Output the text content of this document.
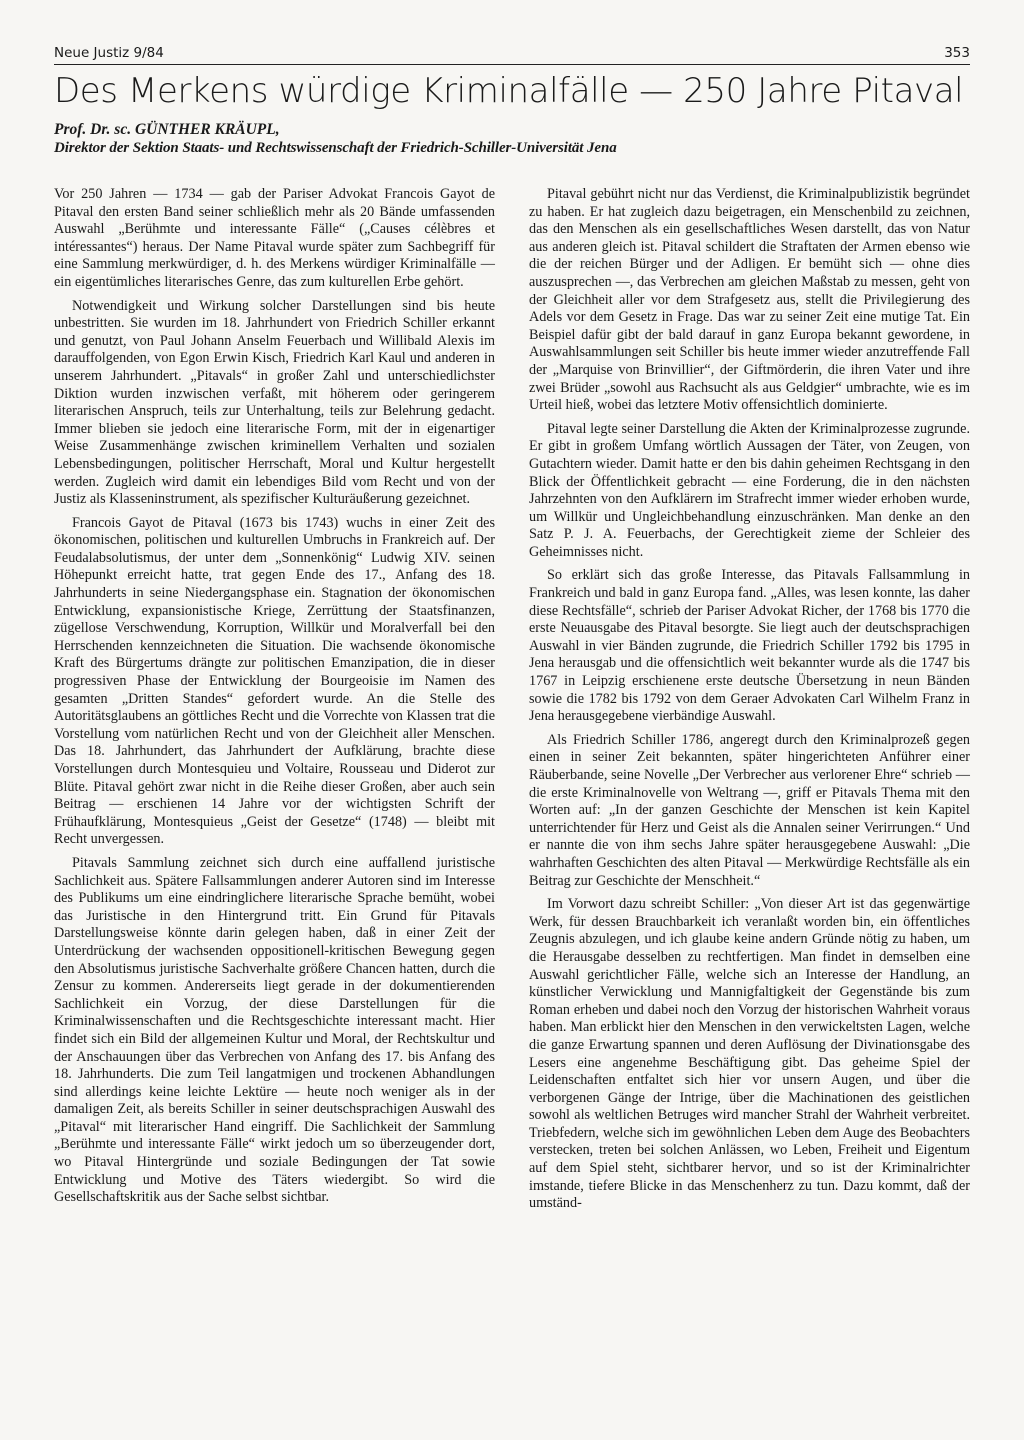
Neue Justiz 9/84	353
Des Merkens würdige Kriminalfälle — 250 Jahre Pitaval
Prof. Dr. sc. GÜNTHER KRÄUPL,
Direktor der Sektion Staats- und Rechtswissenschaft der Friedrich-Schiller-Universität Jena

Vor 250 Jahren — 1734 — gab der Pariser Advokat Francois Gayot de Pitaval den ersten Band seiner schließlich mehr als 20 Bände umfassenden Auswahl „Berühmte und interessante Fälle“ („Causes célèbres et intéressantes“) heraus. Der Name Pitaval wurde später zum Sachbegriff für eine Sammlung merkwürdiger, d. h. des Merkens würdiger Kriminalfälle — ein eigentümliches literarisches Genre, das zum kulturellen Erbe gehört.

Notwendigkeit und Wirkung solcher Darstellungen sind bis heute unbestritten. Sie wurden im 18. Jahrhundert von Friedrich Schiller erkannt und genutzt, von Paul Johann Anselm Feuerbach und Willibald Alexis im darauffolgenden, von Egon Erwin Kisch, Friedrich Karl Kaul und anderen in unserem Jahrhundert. „Pitavals“ in großer Zahl und unterschiedlichster Diktion wurden inzwischen verfaßt, mit höherem oder geringerem literarischen Anspruch, teils zur Unterhaltung, teils zur Belehrung gedacht. Immer blieben sie jedoch eine literarische Form, mit der in eigenartiger Weise Zusammenhänge zwischen kriminellem Verhalten und sozialen Lebensbedingungen, politischer Herrschaft, Moral und Kultur hergestellt werden. Zugleich wird damit ein lebendiges Bild vom Recht und von der Justiz als Klasseninstrument, als spezifischer Kulturäußerung gezeichnet.

Francois Gayot de Pitaval (1673 bis 1743) wuchs in einer Zeit des ökonomischen, politischen und kulturellen Umbruchs in Frankreich auf. Der Feudalabsolutismus, der unter dem „Sonnenkönig“ Ludwig XIV. seinen Höhepunkt erreicht hatte, trat gegen Ende des 17., Anfang des 18. Jahrhunderts in seine Niedergangsphase ein. Stagnation der ökonomischen Entwicklung, expansionistische Kriege, Zerrüttung der Staatsfinanzen, zügellose Verschwendung, Korruption, Willkür und Moralverfall bei den Herrschenden kennzeichneten die Situation. Die wachsende ökonomische Kraft des Bürgertums drängte zur politischen Emanzipation, die in dieser progressiven Phase der Entwicklung der Bourgeoisie im Namen des gesamten „Dritten Standes“ gefordert wurde. An die Stelle des Autoritätsglaubens an göttliches Recht und die Vorrechte von Klassen trat die Vorstellung vom natürlichen Recht und von der Gleichheit aller Menschen. Das 18. Jahrhundert, das Jahrhundert der Aufklärung, brachte diese Vorstellungen durch Montesquieu und Voltaire, Rousseau und Diderot zur Blüte. Pitaval gehört zwar nicht in die Reihe dieser Großen, aber auch sein Beitrag — erschienen 14 Jahre vor der wichtigsten Schrift der Frühaufklärung, Montesquieus „Geist der Gesetze“ (1748) — bleibt mit Recht unvergessen.

Pitavals Sammlung zeichnet sich durch eine auffallend juristische Sachlichkeit aus. Spätere Fallsammlungen anderer Autoren sind im Interesse des Publikums um eine eindringlichere literarische Sprache bemüht, wobei das Juristische in den Hintergrund tritt. Ein Grund für Pitavals Darstellungsweise könnte darin gelegen haben, daß in einer Zeit der Unterdrückung der wachsenden oppositionell-kritischen Bewegung gegen den Absolutismus juristische Sachverhalte größere Chancen hatten, durch die Zensur zu kommen. Andererseits liegt gerade in der dokumentierenden Sachlichkeit ein Vorzug, der diese Darstellungen für die Kriminalwissenschaften und die Rechtsgeschichte interessant macht. Hier findet sich ein Bild der allgemeinen Kultur und Moral, der Rechtskultur und der Anschauungen über das Verbrechen von Anfang des 17. bis Anfang des 18. Jahrhunderts. Die zum Teil langatmigen und trockenen Abhandlungen sind allerdings keine leichte Lektüre — heute noch weniger als in der damaligen Zeit, als bereits Schiller in seiner deutschsprachigen Auswahl des „Pitaval“ mit literarischer Hand eingriff. Die Sachlichkeit der Sammlung „Berühmte und interessante Fälle“ wirkt jedoch um so überzeugender dort, wo Pitaval Hintergründe und soziale Bedingungen der Tat sowie Entwicklung und Motive des Täters wiedergibt. So wird die Gesellschaftskritik aus der Sache selbst sichtbar.

Pitaval gebührt nicht nur das Verdienst, die Kriminalpublizistik begründet zu haben. Er hat zugleich dazu beigetragen, ein Menschenbild zu zeichnen, das den Menschen als ein gesellschaftliches Wesen darstellt, das von Natur aus anderen gleich ist. Pitaval schildert die Straftaten der Armen ebenso wie die der reichen Bürger und der Adligen. Er bemüht sich — ohne dies auszusprechen —, das Verbrechen am gleichen Maßstab zu messen, geht von der Gleichheit aller vor dem Strafgesetz aus, stellt die Privilegierung des Adels vor dem Gesetz in Frage. Das war zu seiner Zeit eine mutige Tat. Ein Beispiel dafür gibt der bald darauf in ganz Europa bekannt gewordene, in Auswahlsammlungen seit Schiller bis heute immer wieder anzutreffende Fall der „Marquise von Brinvillier“, der Giftmörderin, die ihren Vater und ihre zwei Brüder „sowohl aus Rachsucht als aus Geldgier“ umbrachte, wie es im Urteil hieß, wobei das letztere Motiv offensichtlich dominierte.

Pitaval legte seiner Darstellung die Akten der Kriminalprozesse zugrunde. Er gibt in großem Umfang wörtlich Aussagen der Täter, von Zeugen, von Gutachtern wieder. Damit hatte er den bis dahin geheimen Rechtsgang in den Blick der Öffentlichkeit gebracht — eine Forderung, die in den nächsten Jahrzehnten von den Aufklärern im Strafrecht immer wieder erhoben wurde, um Willkür und Ungleichbehandlung einzuschränken. Man denke an den Satz P. J. A. Feuerbachs, der Gerechtigkeit zieme der Schleier des Geheimnisses nicht.

So erklärt sich das große Interesse, das Pitavals Fallsammlung in Frankreich und bald in ganz Europa fand. „Alles, was lesen konnte, las daher diese Rechtsfälle“, schrieb der Pariser Advokat Richer, der 1768 bis 1770 die erste Neuausgabe des Pitaval besorgte. Sie liegt auch der deutschsprachigen Auswahl in vier Bänden zugrunde, die Friedrich Schiller 1792 bis 1795 in Jena herausgab und die offensichtlich weit bekannter wurde als die 1747 bis 1767 in Leipzig erschienene erste deutsche Übersetzung in neun Bänden sowie die 1782 bis 1792 von dem Geraer Advokaten Carl Wilhelm Franz in Jena herausgegebene vierbändige Auswahl.

Als Friedrich Schiller 1786, angeregt durch den Kriminalprozeß gegen einen in seiner Zeit bekannten, später hingerichteten Anführer einer Räuberbande, seine Novelle „Der Verbrecher aus verlorener Ehre“ schrieb — die erste Kriminalnovelle von Weltrang —, griff er Pitavals Thema mit den Worten auf: „In der ganzen Geschichte der Menschen ist kein Kapitel unterrichtender für Herz und Geist als die Annalen seiner Verirrungen.“ Und er nannte die von ihm sechs Jahre später herausgegebene Auswahl: „Die wahrhaften Geschichten des alten Pitaval — Merkwürdige Rechtsfälle als ein Beitrag zur Geschichte der Menschheit.“

Im Vorwort dazu schreibt Schiller: „Von dieser Art ist das gegenwärtige Werk, für dessen Brauchbarkeit ich veranlaßt worden bin, ein öffentliches Zeugnis abzulegen, und ich glaube keine andern Gründe nötig zu haben, um die Herausgabe desselben zu rechtfertigen. Man findet in demselben eine Auswahl gerichtlicher Fälle, welche sich an Interesse der Handlung, an künstlicher Verwicklung und Mannigfaltigkeit der Gegenstände bis zum Roman erheben und dabei noch den Vorzug der historischen Wahrheit voraus haben. Man erblickt hier den Menschen in den verwickeltsten Lagen, welche die ganze Erwartung spannen und deren Auflösung der Divinationsgabe des Lesers eine angenehme Beschäftigung gibt. Das geheime Spiel der Leidenschaften entfaltet sich hier vor unsern Augen, und über die verborgenen Gänge der Intrige, über die Machinationen des geistlichen sowohl als weltlichen Betruges wird mancher Strahl der Wahrheit verbreitet. Triebfedern, welche sich im gewöhnlichen Leben dem Auge des Beobachters verstecken, treten bei solchen Anlässen, wo Leben, Freiheit und Eigentum auf dem Spiel steht, sichtbarer hervor, und so ist der Kriminalrichter imstande, tiefere Blicke in das Menschenherz zu tun. Dazu kommt, daß der umständ-
